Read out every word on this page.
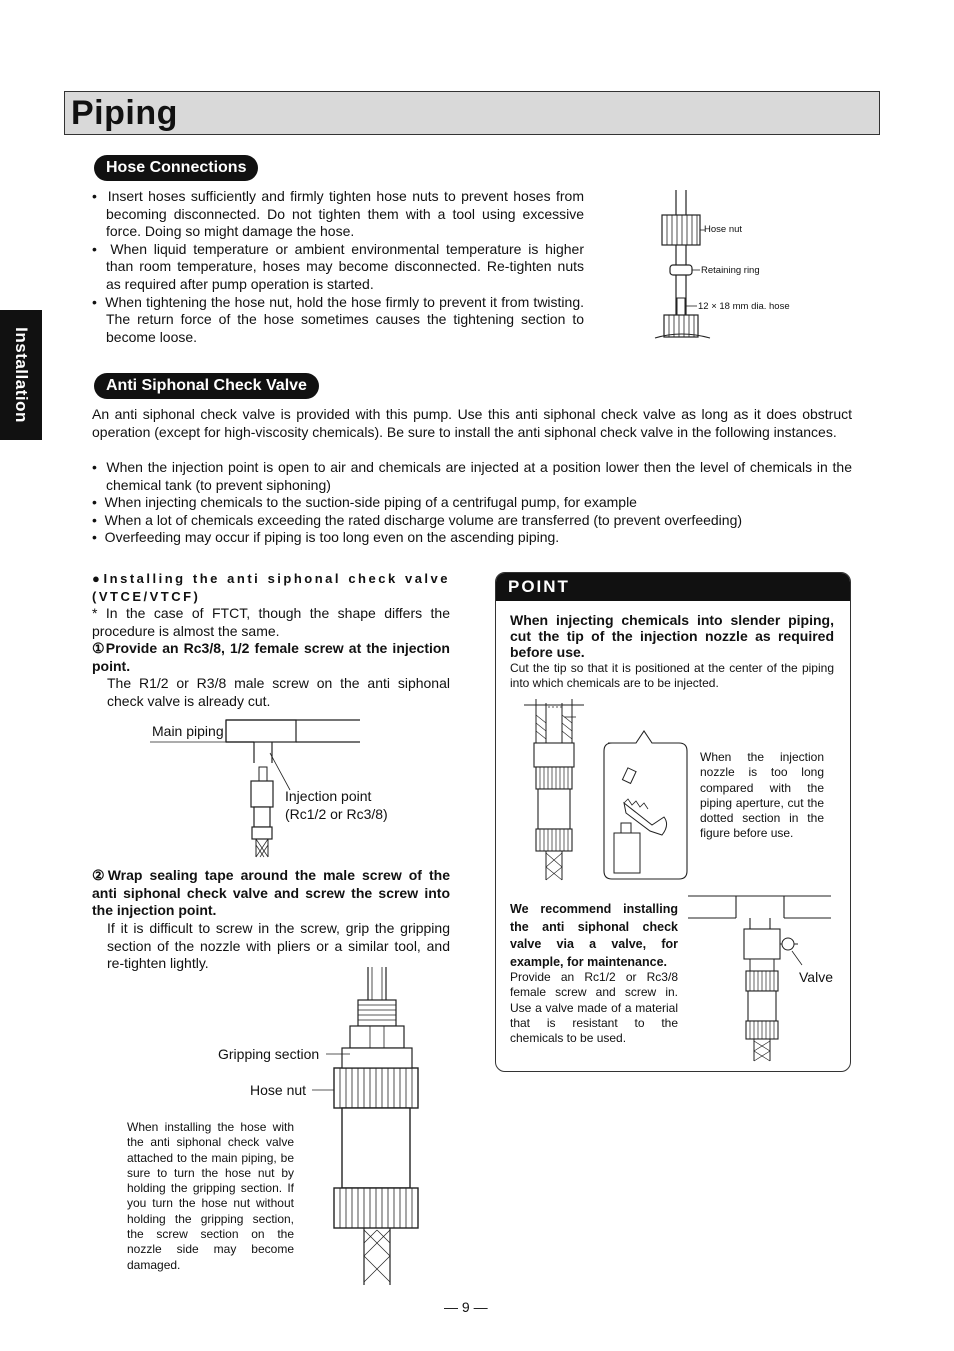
Piping
Installation
Hose Connections

•  Insert hoses sufficiently and firmly tighten hose nuts to prevent hoses from becoming disconnected. Do not tighten them with a tool using excessive force. Doing so might damage the hose.

•  When liquid temperature or ambient environmental temperature is higher than room temperature, hoses may become disconnected. Re-tighten nuts as required after pump operation is started.

•  When tightening the hose nut, hold the hose firmly to prevent it from twisting. The return force of the hose sometimes causes the tightening section to become loose.

Hose nut
Retaining ring
12 × 18 mm dia. hose
Anti Siphonal Check Valve

An anti siphonal check valve is provided with this pump. Use this anti siphonal check valve as long as it does obstruct operation (except for high-viscosity chemicals). Be sure to install the anti siphonal check valve in the following instances.

•  When the injection point is open to air and chemicals are injected at a position lower then the level of chemicals in the chemical tank (to prevent siphoning)

•  When injecting chemicals to the suction-side piping of a centrifugal pump, for example

•  When a lot of chemicals exceeding the rated discharge volume are transferred (to prevent overfeeding)

•  Overfeeding may occur if piping is too long even on the ascending piping.

●Installing the anti siphonal check valve (VTCE/VTCF)
* In the case of FTCT, though the shape differs the procedure is almost the same.
①Provide an Rc3/8, 1/2 female screw at the injection point.
The R1/2 or R3/8 male screw on the anti siphonal check valve is already cut.
Main piping
Injection point
(Rc1/2 or Rc3/8)
②Wrap sealing tape around the male screw of the anti siphonal check valve and screw the screw into the injection point.
If it is difficult to screw in the screw, grip the gripping section of the nozzle with pliers or a similar tool, and re-tighten lightly.
Gripping section
Hose nut
When installing the hose with the anti siphonal check valve attached to the main piping, be sure to turn the hose nut by holding the gripping section. If you turn the hose nut without holding the gripping section, the screw section on the nozzle side may become damaged.
POINT
When injecting chemicals into slender piping, cut the tip of the injection nozzle as required before use.
Cut the tip so that it is positioned at the center of the piping into which chemicals are to be injected.
When the injection nozzle is too long compared with the piping aperture, cut the dotted section in the figure before use.
We recommend installing the anti siphonal check valve via a valve, for example, for maintenance.
Provide an Rc1/2 or Rc3/8 female screw and screw in. Use a valve made of a material that is resistant to the chemicals to be used.
Valve
— 9 —
